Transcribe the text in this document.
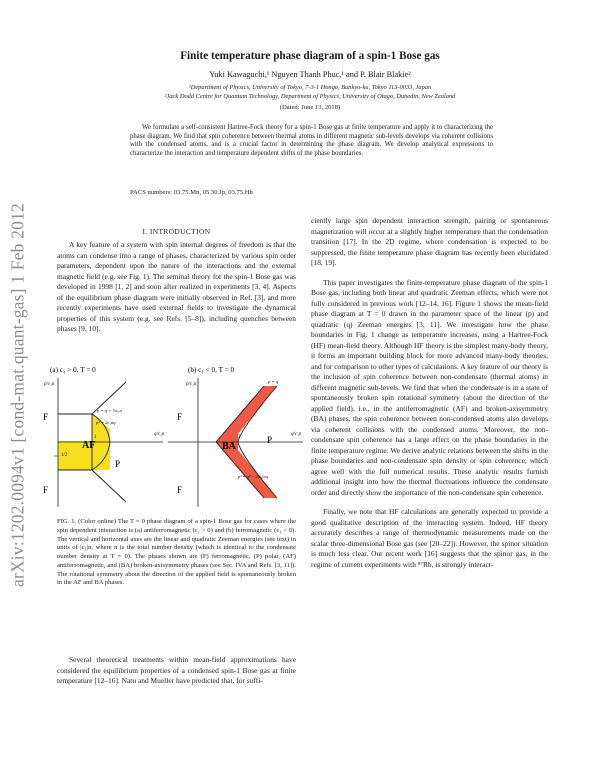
arXiv:1202.0094v1 [cond-mat.quant-gas] 1 Feb 2012
Finite temperature phase diagram of a spin-1 Bose gas
Yuki Kawaguchi,¹ Nguyen Thanh Phuc,¹ and P. Blair Blakie²
¹Department of Physics, University of Tokyo, 7-3-1 Hongo, Bunkyo-ku, Tokyo 113-0033, Japan
²Jack Dodd Centre for Quantum Technology, Department of Physics, University of Otago, Dunedin, New Zealand
(Dated: June 13, 2018)
We formulate a self-consistent Hartree-Fock theory for a spin-1 Bose gas at finite temperature and apply it to characterizing the phase diagram. We find that spin coherence between thermal atoms in different magnetic sub-levels develops via coherent collisions with the condensed atoms, and is a crucial factor in determining the phase diagram. We develop analytical expressions to characterize the interaction and temperature dependent shifts of the phase boundaries.
PACS numbers: 03.75.Mn, 05.30.Jp, 03.75.Hh
I. INTRODUCTION

A key feature of a system with spin internal degrees of freedom is that the atoms can condense into a range of phases, characterized by various spin order parameters, dependent upon the nature of the interactions and the external magnetic field (e.g. see Fig. 1). The seminal theory for the spin-1 Bose gas was developed in 1998 [1, 2] and soon after realized in experiments [3, 4]. Aspects of the equilibrium phase diagram were initially observed in Ref. [3], and more recently experiments have used external fields to investigate the dynamical properties of this system (e.g. see Refs. [5–8]), including quenches between phases [9, 10].

(a) c₁ > 0, T = 0
p/c₁n
q/c₁n
AF
F
F
P
p = q + ½c₁n
p² = 2c₁nq
1
1/2
(b) c₁ < 0, T = 0
p/c₁n
q/c₁n
BA
P
F
F
p = q
p² = q² − 2|c₁|nq
2
FIG. 1. (Color online) The T = 0 phase diagram of a spin-1 Bose gas for cases where the spin dependent interaction is (a) antiferromagnetic (c₁ > 0) and (b) ferromagnetic (c₁ < 0). The vertical and horizontal axes are the linear and quadratic Zeeman energies (see text) in units of |c₁|n, where n is the total number density (which is identical to the condensate number density at T = 0). The phases shown are (F) ferromagnetic, (P) polar, (AF) antiferromagnetic, and (BA) broken-axisymmetry phases (see Sec. IVA and Refs. [3, 11]). The rotational symmetry about the direction of the applied field is spontaneously broken in the AF and BA phases.

Several theoretical treatments within mean-field approximations have considered the equilibrium properties of a condensed spin-1 Bose gas at finite temperature [12–16]. Natu and Mueller have predicted that, for suffi-

ciently large spin dependent interaction strength, pairing or spontaneous magnetization will occur at a slightly higher temperature than the condensation transition [17]. In the 2D regime, where condensation is expected to be suppressed, the finite temperature phase diagram has recently been elucidated [18, 19].

This paper investigates the finite-temperature phase diagram of the spin-1 Bose gas, including both linear and quadratic Zeeman effects, which were not fully considered in previous work [12–14, 16]. Figure 1 shows the mean-field phase diagram at T = 0 drawn in the parameter space of the linear (p) and quadratic (q) Zeeman energies [3, 11]. We investigate how the phase boundaries in Fig. 1 change as temperature increases, using a Hartree-Fock (HF) mean-field theory. Although HF theory is the simplest many-body theory, it forms an important building block for more advanced many-body theories, and for comparison to other types of calculations. A key feature of our theory is the inclusion of spin coherence between non-condensate (thermal atoms) in different magnetic sub-levels. We find that when the condensate is in a state of spontaneously broken spin rotational symmetry (about the direction of the applied field), i.e., in the antiferromagnetic (AF) and broken-axisymmetry (BA) phases, the spin coherence between non-condensed atoms also develops via coherent collisions with the condensed atoms. Moreover, the non-condensate spin coherence has a large effect on the phase boundaries in the finite temperature regime. We derive analytic relations between the shifts in the phase boundaries and non-condensate spin density or spin coherence, which agree well with the full numerical results. These analytic results furnish additional insight into how the thermal fluctuations influence the condensate order and directly show the importance of the non-condensate spin coherence.

Finally, we note that HF calculations are generally expected to provide a good qualitative description of the interacting system. Indeed, HF theory accurately describes a range of thermodynamic measurements made on the scalar three-dimensional Bose gas (see [20–22]). However, the spinor situation is much less clear. Our recent work [16] suggests that the spinor gas, in the regime of current experiments with ⁸⁷Rb, is strongly interact-
